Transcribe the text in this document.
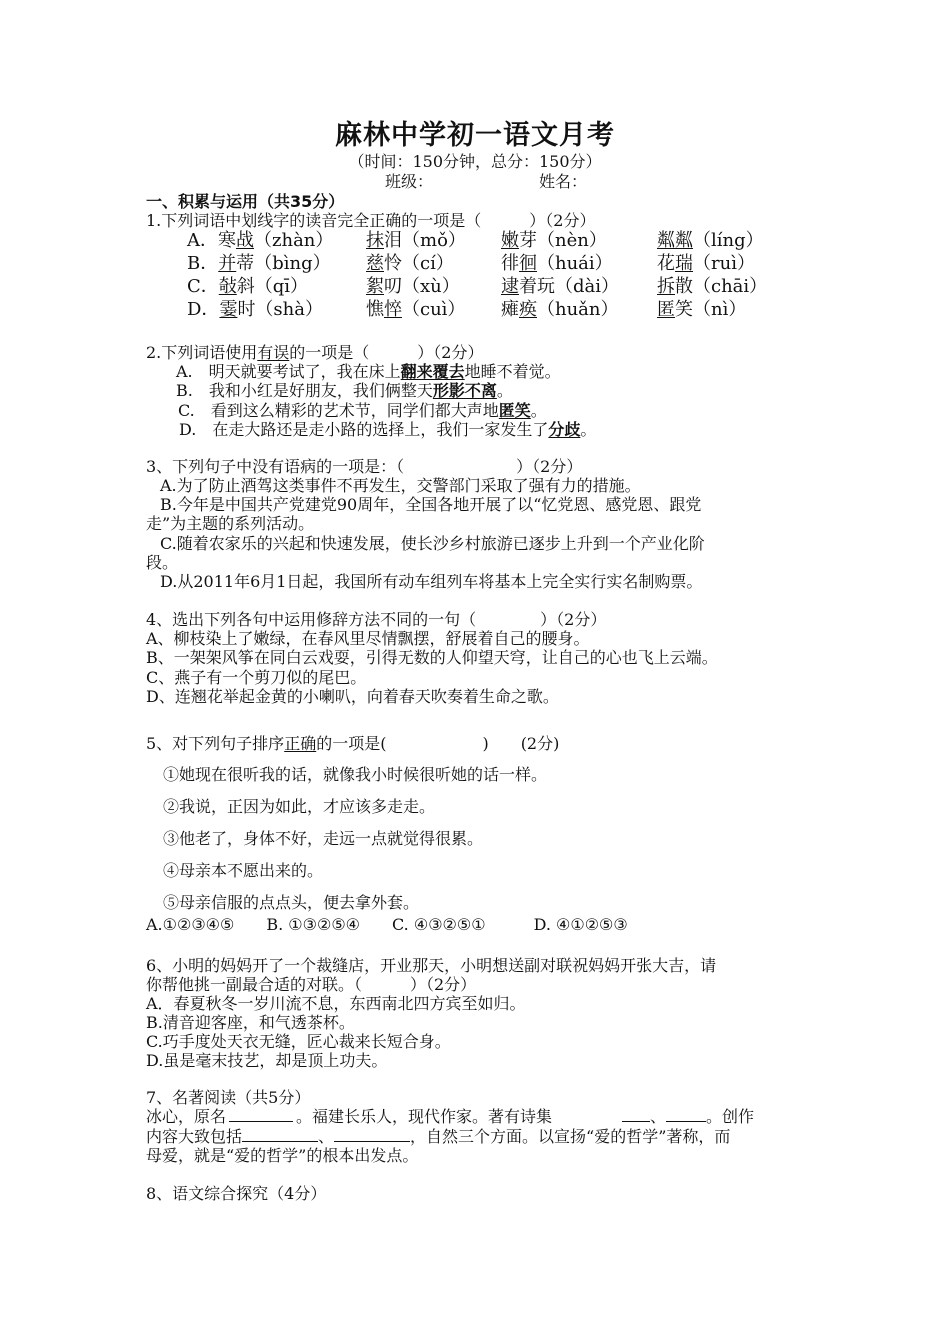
麻林中学初一语文月考
（时间：150分钟，总分：150分）
班级：	姓名：
一、积累与运用（共35分）
1.下列词语中划线字的读音完全正确的一项是（　　　）（2分）
A．寒战（zhàn） 抹泪（mǒ） 嫩芽（nèn）	粼粼（líng）
B．并蒂（bìng） 慈怜（cí）	徘徊（huái） 花瑞（ruì）
C．敧斜（qī）	絮叨（xù） 逮着玩（dài） 拆散（chāi）
D．霎时（shà） 憔悴（cuì） 瘫痪（huǎn） 匿笑（nì）
2.下列词语使用有误的一项是（　　　）（2分）
A.　明天就要考试了，我在床上翻来覆去地睡不着觉。
B.　我和小红是好朋友，我们俩整天形影不离。
C.　看到这么精彩的艺术节，同学们都大声地匿笑。
D.　在走大路还是走小路的选择上，我们一家发生了分歧。
3、下列句子中没有语病的一项是：（　　　　　　　）（2分）
A.为了防止酒驾这类事件不再发生，交警部门采取了强有力的措施。
B.今年是中国共产党建党90周年，全国各地开展了以“忆党恩、感党恩、跟党
走”为主题的系列活动。
C.随着农家乐的兴起和快速发展，使长沙乡村旅游已逐步上升到一个产业化阶
段。
D.从2011年6月1日起，我国所有动车组列车将基本上完全实行实名制购票。
4、选出下列各句中运用修辞方法不同的一句（　　　　）（2分）
A、柳枝染上了嫩绿，在春风里尽情飘摆，舒展着自己的腰身。
B、一架架风筝在同白云戏耍，引得无数的人仰望天穹，让自己的心也飞上云端。
C、燕子有一个剪刀似的尾巴。
D、连翘花举起金黄的小喇叭，向着春天吹奏着生命之歌。
5、对下列句子排序正确的一项是(　　　　　　)　　(2分)
①她现在很听我的话，就像我小时候很听她的话一样。
②我说，正因为如此，才应该多走走。
③他老了，身体不好，走远一点就觉得很累。
④母亲本不愿出来的。
⑤母亲信服的点点头，便去拿外套。
A.①②③④⑤　　B. ①③②⑤④　　C. ④③②⑤①　　　D. ④①②⑤③
6、小明的妈妈开了一个裁缝店，开业那天，小明想送副对联祝妈妈开张大吉，请
你帮他挑一副最合适的对联。（　　　）（2分）
A．春夏秋冬一岁川流不息，东西南北四方宾至如归。
B.清音迎客座，和气透茶杯。
C.巧手度处天衣无缝，匠心裁来长短合身。
D.虽是毫末技艺，却是顶上功夫。
7、名著阅读（共5分）
冰心，原名	。福建长乐人，现代作家。著有诗集	、	。创作
内容大致包括	、	，自然三个方面。以宣扬“爱的哲学”著称，而
母爱，就是“爱的哲学”的根本出发点。
8、语文综合探究（4分）
